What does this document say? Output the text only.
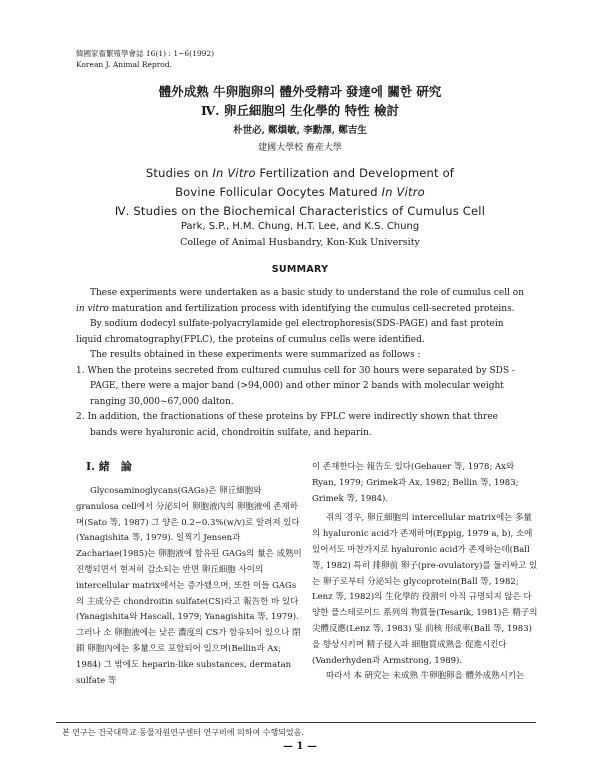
韓國家畜繁殖學會誌 16(1) : 1~6(1992)
Korean J. Animal Reprod.
體外成熟 牛卵胞卵의 體外受精과 發達에 關한 硏究
Ⅳ. 卵丘細胞의 生化學的 特性 檢討
朴世必, 鄭熉敏, 李勳澤, 鄭吉生
建國大學校 畜産大學
Studies on In Vitro Fertilization and Development of
Bovine Follicular Oocytes Matured In Vitro
Ⅳ. Studies on the Biochemical Characteristics of Cumulus Cell
Park, S.P., H.M. Chung, H.T. Lee, and K.S. Chung
College of Animal Husbandry, Kon-Kuk University
SUMMARY

These experiments were undertaken as a basic study to understand the role of cumulus cell on
in vitro maturation and fertilization process with identifying the cumulus cell-secreted proteins.

By sodium dodecyl sulfate-polyacrylamide gel electrophoresis(SDS-PAGE) and fast protein liquid chromatography(FPLC), the proteins of cumulus cells were identified.

The results obtained in these experiments were summarized as follows :

1. When the proteins secreted from cultured cumulus cell for 30 hours were separated by SDS -PAGE, there were a major band (>94,000) and other minor 2 bands with molecular weight ranging 30,000~67,000 dalton.

2. In addition, the fractionations of these proteins by FPLC were indirectly shown that three bands were hyaluronic acid, chondroitin sulfate, and heparin.

Ⅰ. 緒　論

Glycosaminoglycans(GAGs)은 卵丘細胞와 granulosa cell에서 分泌되어 卵胞液內의 卵胞液에 존재하며(Sato 等, 1987) 그 양은 0.2~0.3%(w/v)로 알려져 있다(Yanagishita 等, 1979). 일찍기 Jensen과 Zachariae(1985)는 卵胞液에 함유된 GAGs의 量은 成熟이 진행되면서 현저히 감소되는 반면 卵丘細胞 사이의 intercellular matrix에서는 증가됐으며, 또한 이들 GAGs의 主成分은 chondroitin sulfate(CS)라고 報告한 바 있다(Yanagishita와 Hascall, 1979; Yanagishita 等, 1979). 그러나 소 卵胞液에는 낮은 濃度의 CS가 함유되어 있으나 閉鎖 卵胞內에는 多量으로 포함되어 있으며(Bellin과 Ax; 1984) 그 밖에도 heparin-like substances, dermatan sulfate 等

이 존재한다는 報告도 있다(Gebauer 等, 1978; Ax와 Ryan, 1979; Grimek과 Ax, 1982; Bellin 等, 1983; Grimek 等, 1984).

쥐의 경우, 卵丘細胞의 intercellular matrix에는 多量의 hyaluronic acid가 존재하며(Eppig, 1979 a, b), 소에 있어서도 마찬가지로 hyaluronic acid가 존재하는데(Ball 等, 1982) 특히 排卵前 卵子(pre-ovulatory)를 둘러싸고 있는 卵子로부터 分泌되는 glycoprotein(Ball 等, 1982; Lenz 等, 1982)의 生化學的 役割이 아직 규명되지 않은 다양한 플스테로이드 系列의 物質들(Tesarik, 1981)은 精子의 尖體反應(Lenz 等, 1983) 및 前核 形成率(Ball 等, 1983)을 향상시키며 精子侵入과 細胞質成熟을 促進시킨다(Vanderhyden과 Armstrong, 1989).

따라서 本 硏究는 未成熟 牛卵胞卵을 體外成熟시키는

본 연구는 건국대학교 동물자원연구센터 연구비에 의하여 수행되었음.
— 1 —
